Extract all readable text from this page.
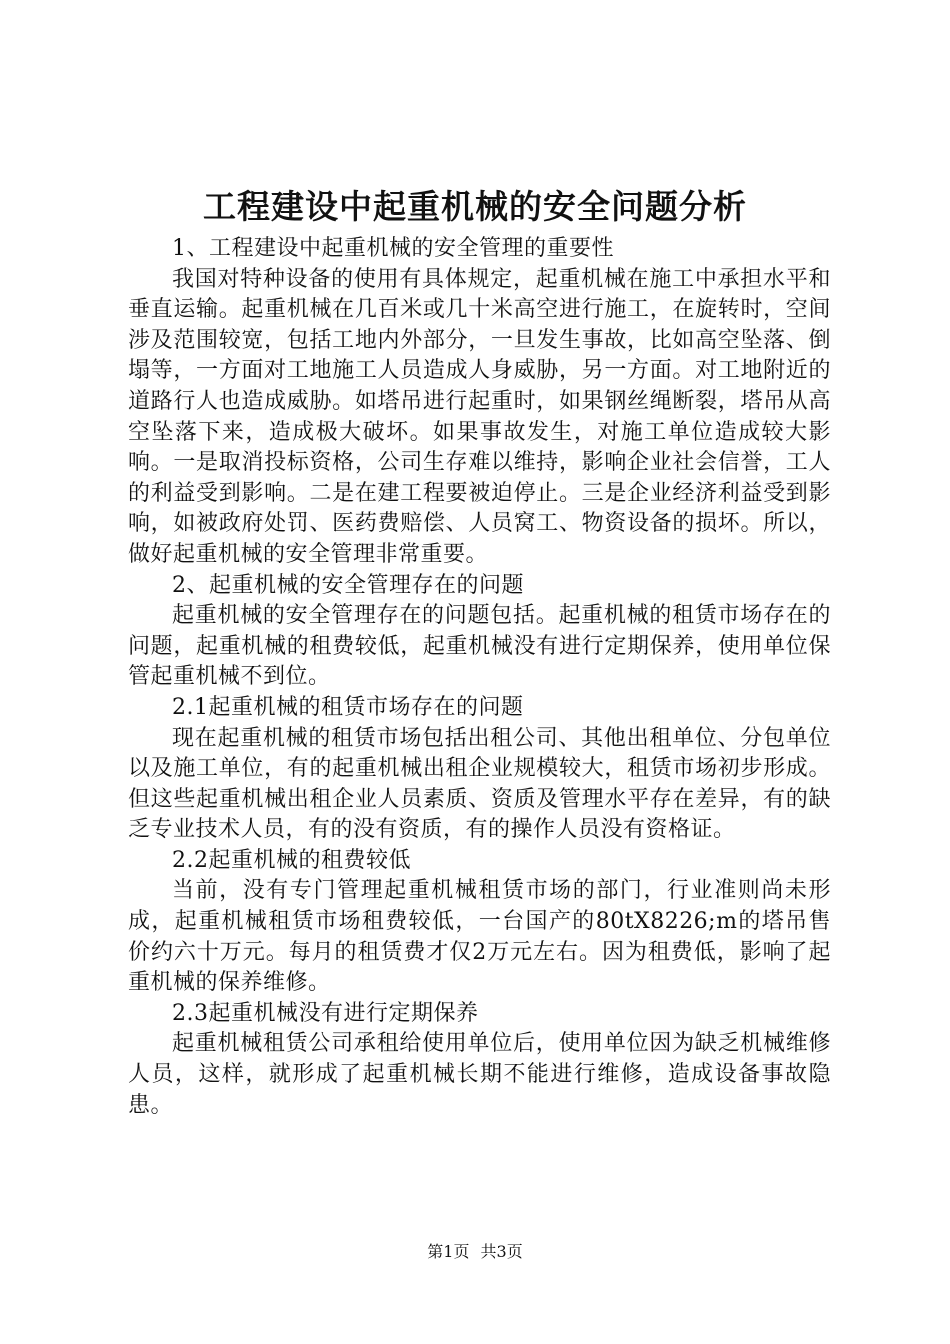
工程建设中起重机械的安全问题分析

1、工程建设中起重机械的安全管理的重要性

我国对特种设备的使用有具体规定，起重机械在施工中承担水平和垂直运输。起重机械在几百米或几十米高空进行施工，在旋转时，空间涉及范围较宽，包括工地内外部分，一旦发生事故，比如高空坠落、倒塌等，一方面对工地施工人员造成人身威胁，另一方面。对工地附近的道路行人也造成威胁。如塔吊进行起重时，如果钢丝绳断裂，塔吊从高空坠落下来，造成极大破坏。如果事故发生，对施工单位造成较大影响。一是取消投标资格，公司生存难以维持，影响企业社会信誉，工人的利益受到影响。二是在建工程要被迫停止。三是企业经济利益受到影响，如被政府处罚、医药费赔偿、人员窝工、物资设备的损坏。所以，做好起重机械的安全管理非常重要。

2、起重机械的安全管理存在的问题

起重机械的安全管理存在的问题包括。起重机械的租赁市场存在的问题，起重机械的租费较低，起重机械没有进行定期保养，使用单位保管起重机械不到位。

2.1起重机械的租赁市场存在的问题

现在起重机械的租赁市场包括出租公司、其他出租单位、分包单位以及施工单位，有的起重机械出租企业规模较大，租赁市场初步形成。但这些起重机械出租企业人员素质、资质及管理水平存在差异，有的缺乏专业技术人员，有的没有资质，有的操作人员没有资格证。

2.2起重机械的租费较低

当前，没有专门管理起重机械租赁市场的部门，行业准则尚未形成，起重机械租赁市场租费较低，一台国产的80tX8226;m的塔吊售价约六十万元。每月的租赁费才仅2万元左右。因为租费低，影响了起重机械的保养维修。

2.3起重机械没有进行定期保养

起重机械租赁公司承租给使用单位后，使用单位因为缺乏机械维修人员，这样，就形成了起重机械长期不能进行维修，造成设备事故隐患。

第1页 共3页
